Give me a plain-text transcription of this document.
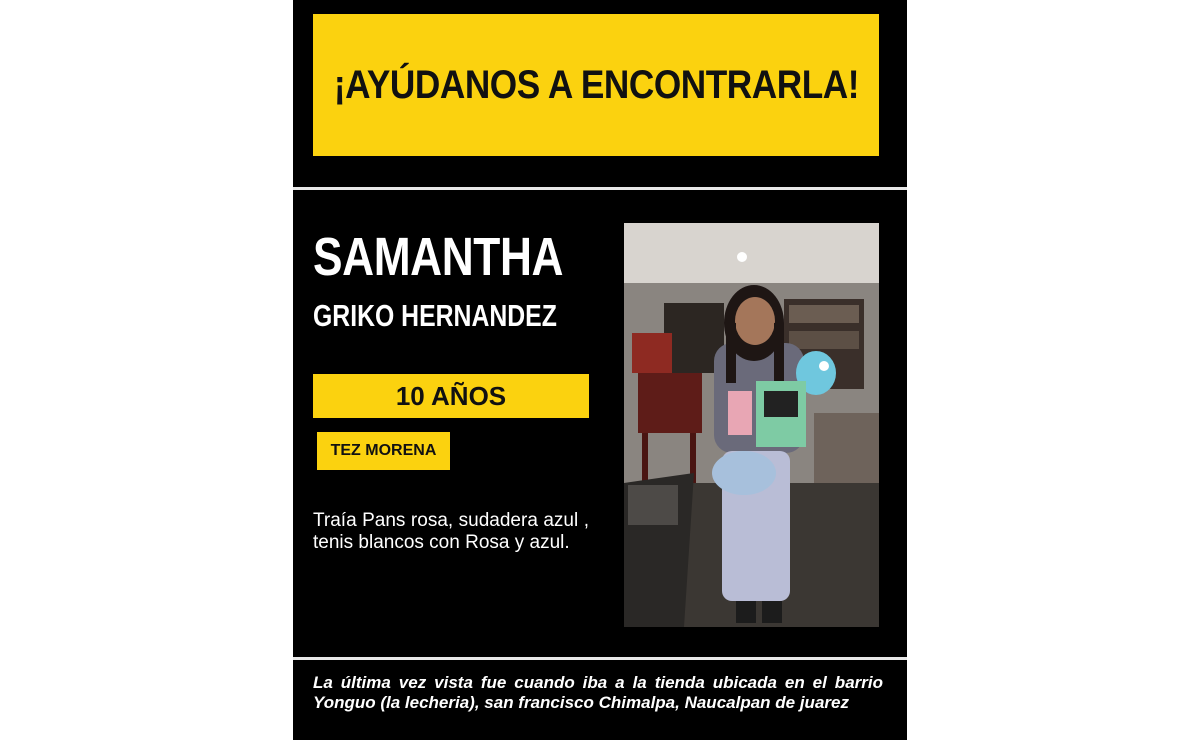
¡AYÚDANOS A ENCONTRARLA!
SAMANTHA
GRIKO HERNANDEZ
10 AÑOS
TEZ MORENA
Traía Pans rosa, sudadera azul , tenis blancos con Rosa y azul.
La última vez vista fue cuando iba a la tienda ubicada en el barrio Yonguo (la lecheria), san francisco Chimalpa, Naucalpan de juarez
